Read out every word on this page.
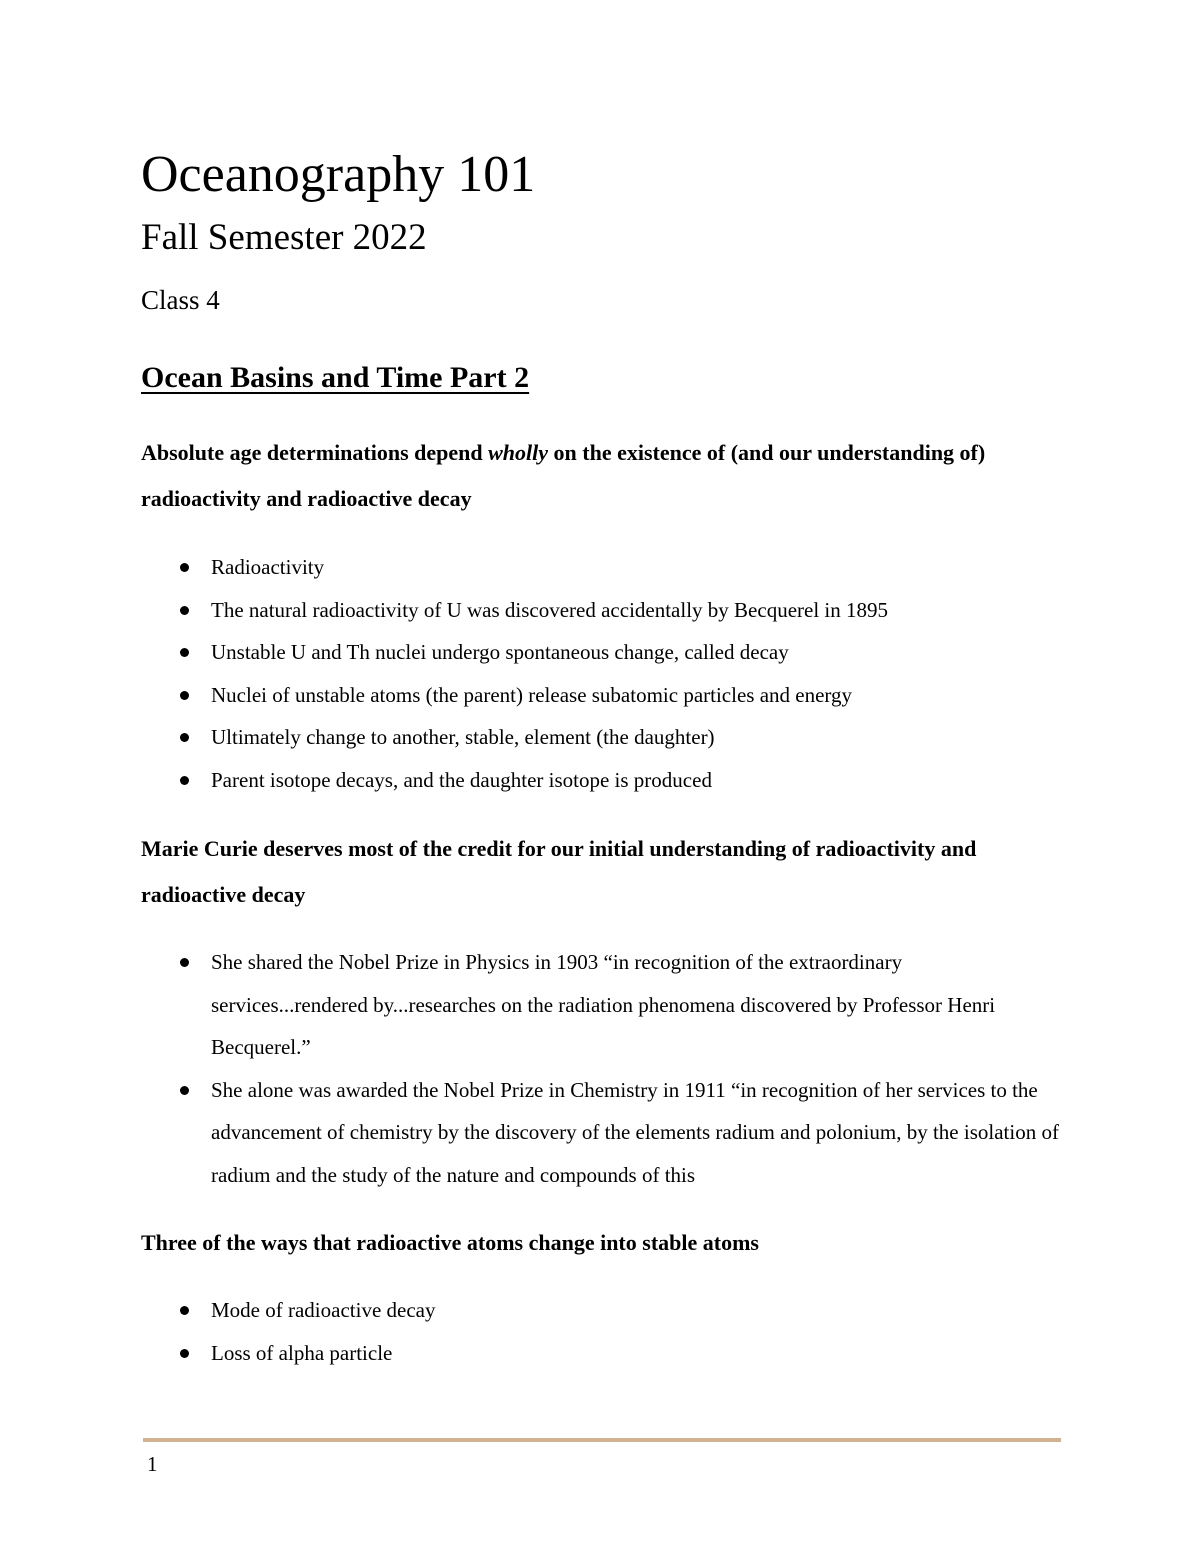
Oceanography 101
Fall Semester 2022
Class 4
Ocean Basins and Time Part 2

Absolute age determinations depend wholly on the existence of (and our understanding of) radioactivity and radioactive decay

Radioactivity
The natural radioactivity of U was discovered accidentally by Becquerel in 1895
Unstable U and Th nuclei undergo spontaneous change, called decay
Nuclei of unstable atoms (the parent) release subatomic particles and energy
Ultimately change to another, stable, element (the daughter)
Parent isotope decays, and the daughter isotope is produced

Marie Curie deserves most of the credit for our initial understanding of radioactivity and radioactive decay

She shared the Nobel Prize in Physics in 1903 “in recognition of the extraordinary services...rendered by...researches on the radiation phenomena discovered by Professor Henri Becquerel.”
She alone was awarded the Nobel Prize in Chemistry in 1911 “in recognition of her services to the advancement of chemistry by the discovery of the elements radium and polonium, by the isolation of radium and the study of the nature and compounds of this

Three of the ways that radioactive atoms change into stable atoms

Mode of radioactive decay
Loss of alpha particle
1
